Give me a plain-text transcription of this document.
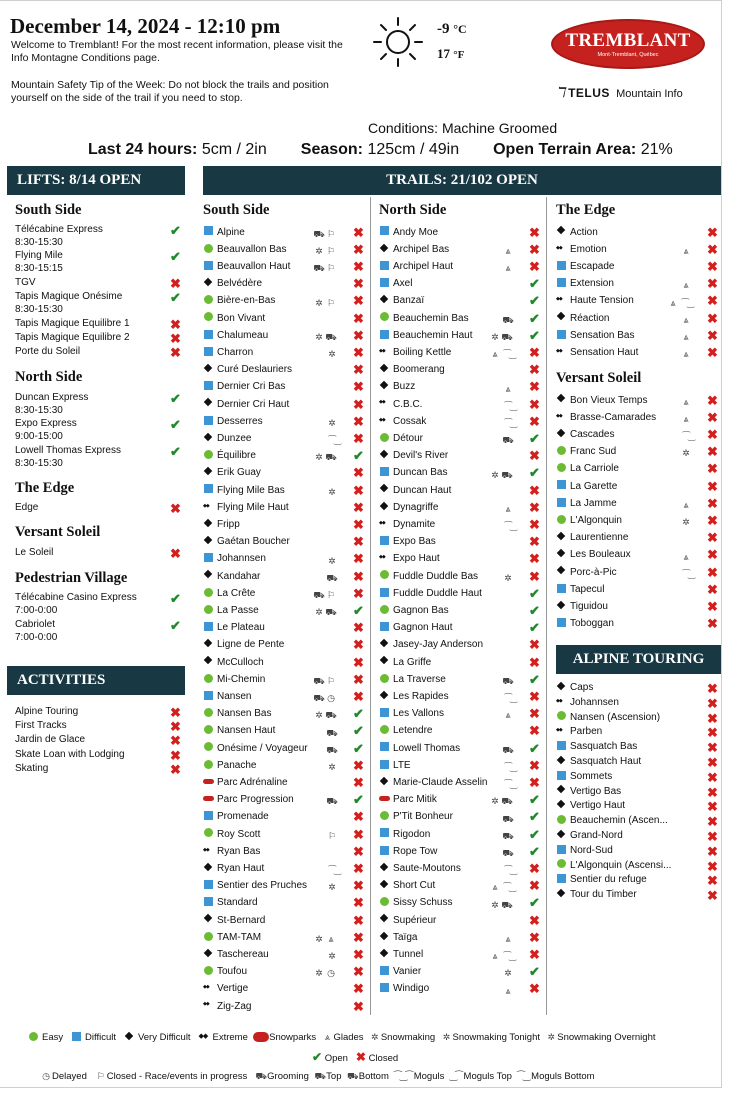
December 14, 2024 - 12:10 pm
Welcome to Tremblant! For the most recent information, please visit the Info Montagne Conditions page.
Mountain Safety Tip of the Week: Do not block the trails and position yourself on the side of the trail if you need to stop.
-9 °C
17 °F
TREMBLANT
Mont-Tremblant, Québec
ℸ TELUS Mountain Info
Conditions: Machine Groomed
Last 24 hours: 5cm / 2in Season: 125cm / 49in Open Terrain Area: 21%
LIFTS: 8/14 OPEN
South Side
Télécabine Express
8:30-15:30
✔
Flying Mile
8:30-15:15
✔
TGV	✖
Tapis Magique Onésime
8:30-15:30
✔
Tapis Magique Equilibre 1	✖
Tapis Magique Equilibre 2	✖
Porte du Soleil	✖
North Side
Duncan Express
8:30-15:30
✔
Expo Express
9:00-15:00
✔
Lowell Thomas Express
8:30-15:30
✔
The Edge
Edge	✖
Versant Soleil
Le Soleil	✖
Pedestrian Village
Télécabine Casino Express
7:00-0:00
✔
Cabriolet
7:00-0:00
✔
ACTIVITIES
Alpine Touring	✖
First Tracks	✖
Jardin de Glace	✖
Skate Loan with Lodging	✖
Skating	✖
TRAILS: 21/102 OPEN
South Side
Alpine	⛟ ⚐ ✖
Beauvallon Bas	✲ ⚐ ✖
Beauvallon Haut	⛟ ⚐ ✖
Belvédère	✖
Bière-en-Bas	✲ ⚐ ✖
Bon Vivant	✖
Chalumeau	✲ ⛟ ✖
Charron	✲ ✖
Curé Deslauriers	✖
Dernier Cri Bas	✖
Dernier Cri Haut	✖
Desserres	✲ ✖
Dunzee	⁀‿ ✖
Équilibre	✲ ⛟ ✔
Erik Guay	✖
Flying Mile Bas	✲ ✖
◆◆ Flying Mile Haut	✖
Fripp	✖
Gaétan Boucher	✖
Johannsen	✲ ✖
Kandahar	⛟ ✖
La Crête	⛟ ⚐ ✖
La Passe	✲ ⛟ ✔
Le Plateau	✖
Ligne de Pente	✖
McCulloch	✖
Mi-Chemin	⛟ ⚐ ✖
Nansen	⛟ ◷ ✖
Nansen Bas	✲ ⛟ ✔
Nansen Haut	⛟ ✔
Onésime / Voyageur ⛟ ✔
Panache	✲ ✖
Parc Adrénaline	✖
Parc Progression	⛟ ✔
Promenade	✖
Roy Scott	⚐ ✖
◆◆ Ryan Bas	✖
Ryan Haut	⁀‿ ✖
Sentier des Pruches ✲ ✖
Standard	✖
St-Bernard	✖
TAM-TAM	✲ ⩓ ✖
Taschereau	✲ ✖
Toufou	✲ ◷ ✖
◆◆ Vertige	✖
◆◆ Zig-Zag	✖
North Side
Andy Moe	✖
Archipel Bas	⩓ ✖
Archipel Haut	⩓ ✖
Axel	✔
Banzaï	✔
Beauchemin Bas	⛟ ✔
Beauchemin Haut ✲ ⛟ ✔
◆◆ Boiling Kettle	⩓ ⁀‿ ✖
Boomerang	✖
Buzz	⩓ ✖
◆◆ C.B.C.	⁀‿ ✖
◆◆ Cossak	⁀‿ ✖
Détour	⛟ ✔
Devil's River	✖
Duncan Bas	✲ ⛟ ✔
Duncan Haut	✖
Dynagriffe	⩓ ✖
◆◆ Dynamite	⁀‿ ✖
Expo Bas	✖
◆◆ Expo Haut	✖
Fuddle Duddle Bas	✲ ✖
Fuddle Duddle Haut	✔
Gagnon Bas	✔
Gagnon Haut	✔
Jasey-Jay Anderson	✖
La Griffe	✖
La Traverse	⛟ ✔
Les Rapides	⁀‿ ✖
Les Vallons	⩓ ✖
Letendre	✖
Lowell Thomas	⛟ ✔
LTE	⁀‿ ✖
Marie-Claude Asselin	⁀‿ ✖
Parc Mitik	✲ ⛟ ✔
P'Tit Bonheur	⛟ ✔
Rigodon	⛟ ✔
Rope Tow	⛟ ✔
Saute-Moutons	⁀‿ ✖
Short Cut	⩓ ⁀‿ ✖
Sissy Schuss	✲ ⛟ ✔
Supérieur	✖
Taïga	⩓ ✖
Tunnel	⩓ ⁀‿ ✖
Vanier	✲ ✔
Windigo	⩓ ✖
The Edge
Action	✖
◆◆ Emotion	⩓ ✖
Escapade	✖
Extension	⩓ ✖
◆◆ Haute Tension	⩓ ⁀‿ ✖
Réaction	⩓ ✖
Sensation Bas	⩓ ✖
◆◆ Sensation Haut	⩓ ✖
Versant Soleil
Bon Vieux Temps	⩓ ✖
◆◆ Brasse-Camarades	⩓ ✖
Cascades	⁀‿ ✖
Franc Sud	✲ ✖
La Carriole	✖
La Garette	✖
La Jamme	⩓ ✖
L'Algonquin	✲ ✖
Laurentienne	✖
Les Bouleaux	⩓ ✖
Porc-à-Pic	⁀‿ ✖
Tapecul	✖
Tiguidou	✖
Toboggan	✖
ALPINE TOURING
Caps	✖
◆◆ Johannsen	✖
Nansen (Ascension)	✖
◆◆ Parben	✖
Sasquatch Bas	✖
Sasquatch Haut	✖
Sommets	✖
Vertigo Bas	✖
Vertigo Haut	✖
Beauchemin (Ascen...	✖
Grand-Nord	✖
Nord-Sud	✖
L'Algonquin (Ascensi...	✖
Sentier du refuge	✖
Tour du Timber	✖
Easy Difficult Very Difficult ◆◆ Extreme Snowparks ⩓ Glades ✲ Snowmaking ✲ Snowmaking Tonight ✲ Snowmaking Overnight
✔ Open ✖ Closed
◷ Delayed ⚐ Closed - Race/events in progress ⛟Grooming ⛟Top ⛟Bottom ⁀‿⁀ Moguls ‿⁀ Moguls Top ⁀‿ Moguls Bottom
